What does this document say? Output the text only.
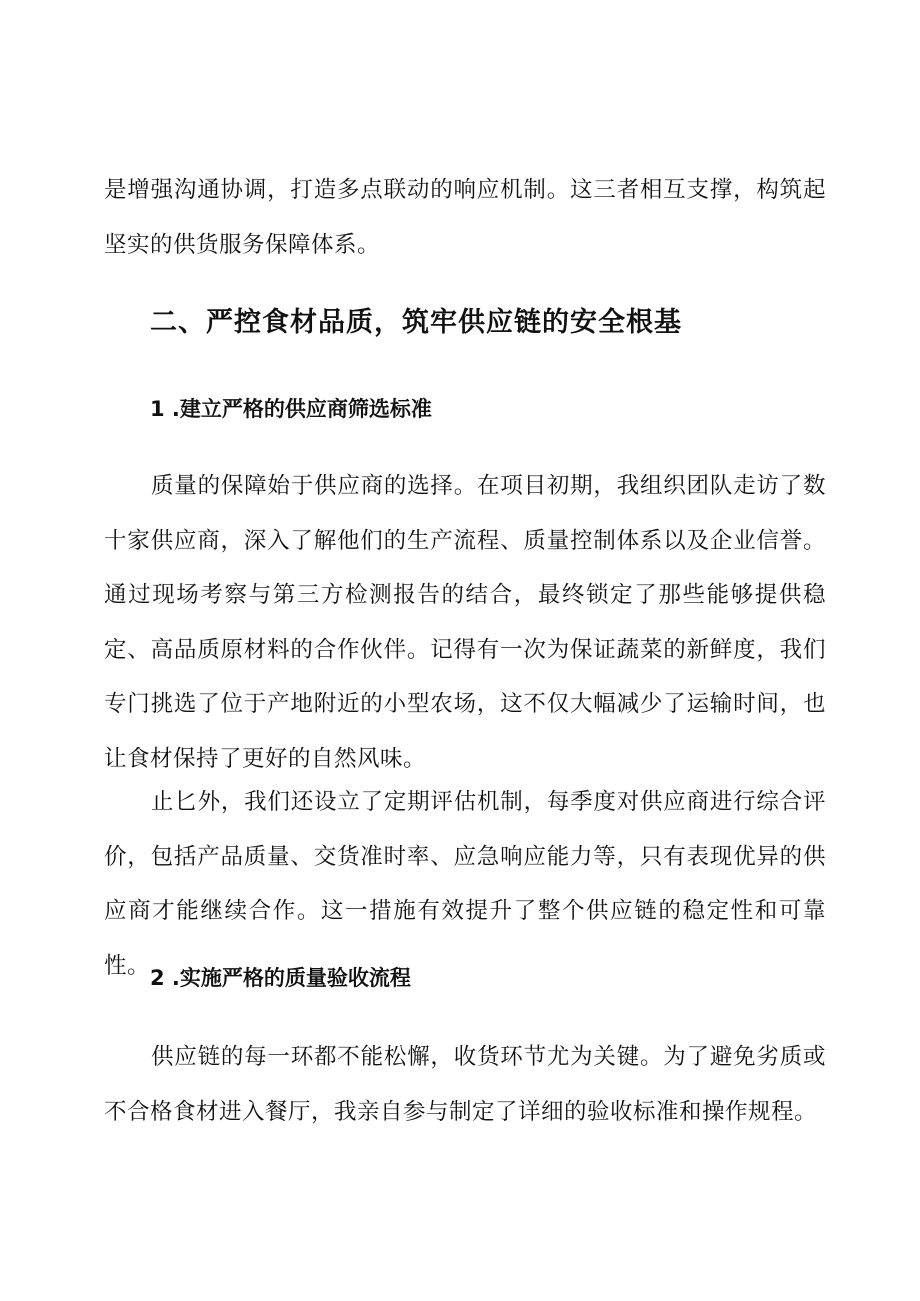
是增强沟通协调，打造多点联动的响应机制。这三者相互支撑，构筑起坚实的供货服务保障体系。

二、严控食材品质，筑牢供应链的安全根基
1 .建立严格的供应商筛选标准

质量的保障始于供应商的选择。在项目初期，我组织团队走访了数十家供应商，深入了解他们的生产流程、质量控制体系以及企业信誉。通过现场考察与第三方检测报告的结合，最终锁定了那些能够提供稳定、高品质原材料的合作伙伴。记得有一次为保证蔬菜的新鲜度，我们专门挑选了位于产地附近的小型农场，这不仅大幅减少了运输时间，也让食材保持了更好的自然风味。

止匕外，我们还设立了定期评估机制，每季度对供应商进行综合评价，包括产品质量、交货准时率、应急响应能力等，只有表现优异的供应商才能继续合作。这一措施有效提升了整个供应链的稳定性和可靠性。 2 .实施严格的质量验收流程

供应链的每一环都不能松懈，收货环节尤为关键。为了避免劣质或不合格食材进入餐厅，我亲自参与制定了详细的验收标准和操作规程。
